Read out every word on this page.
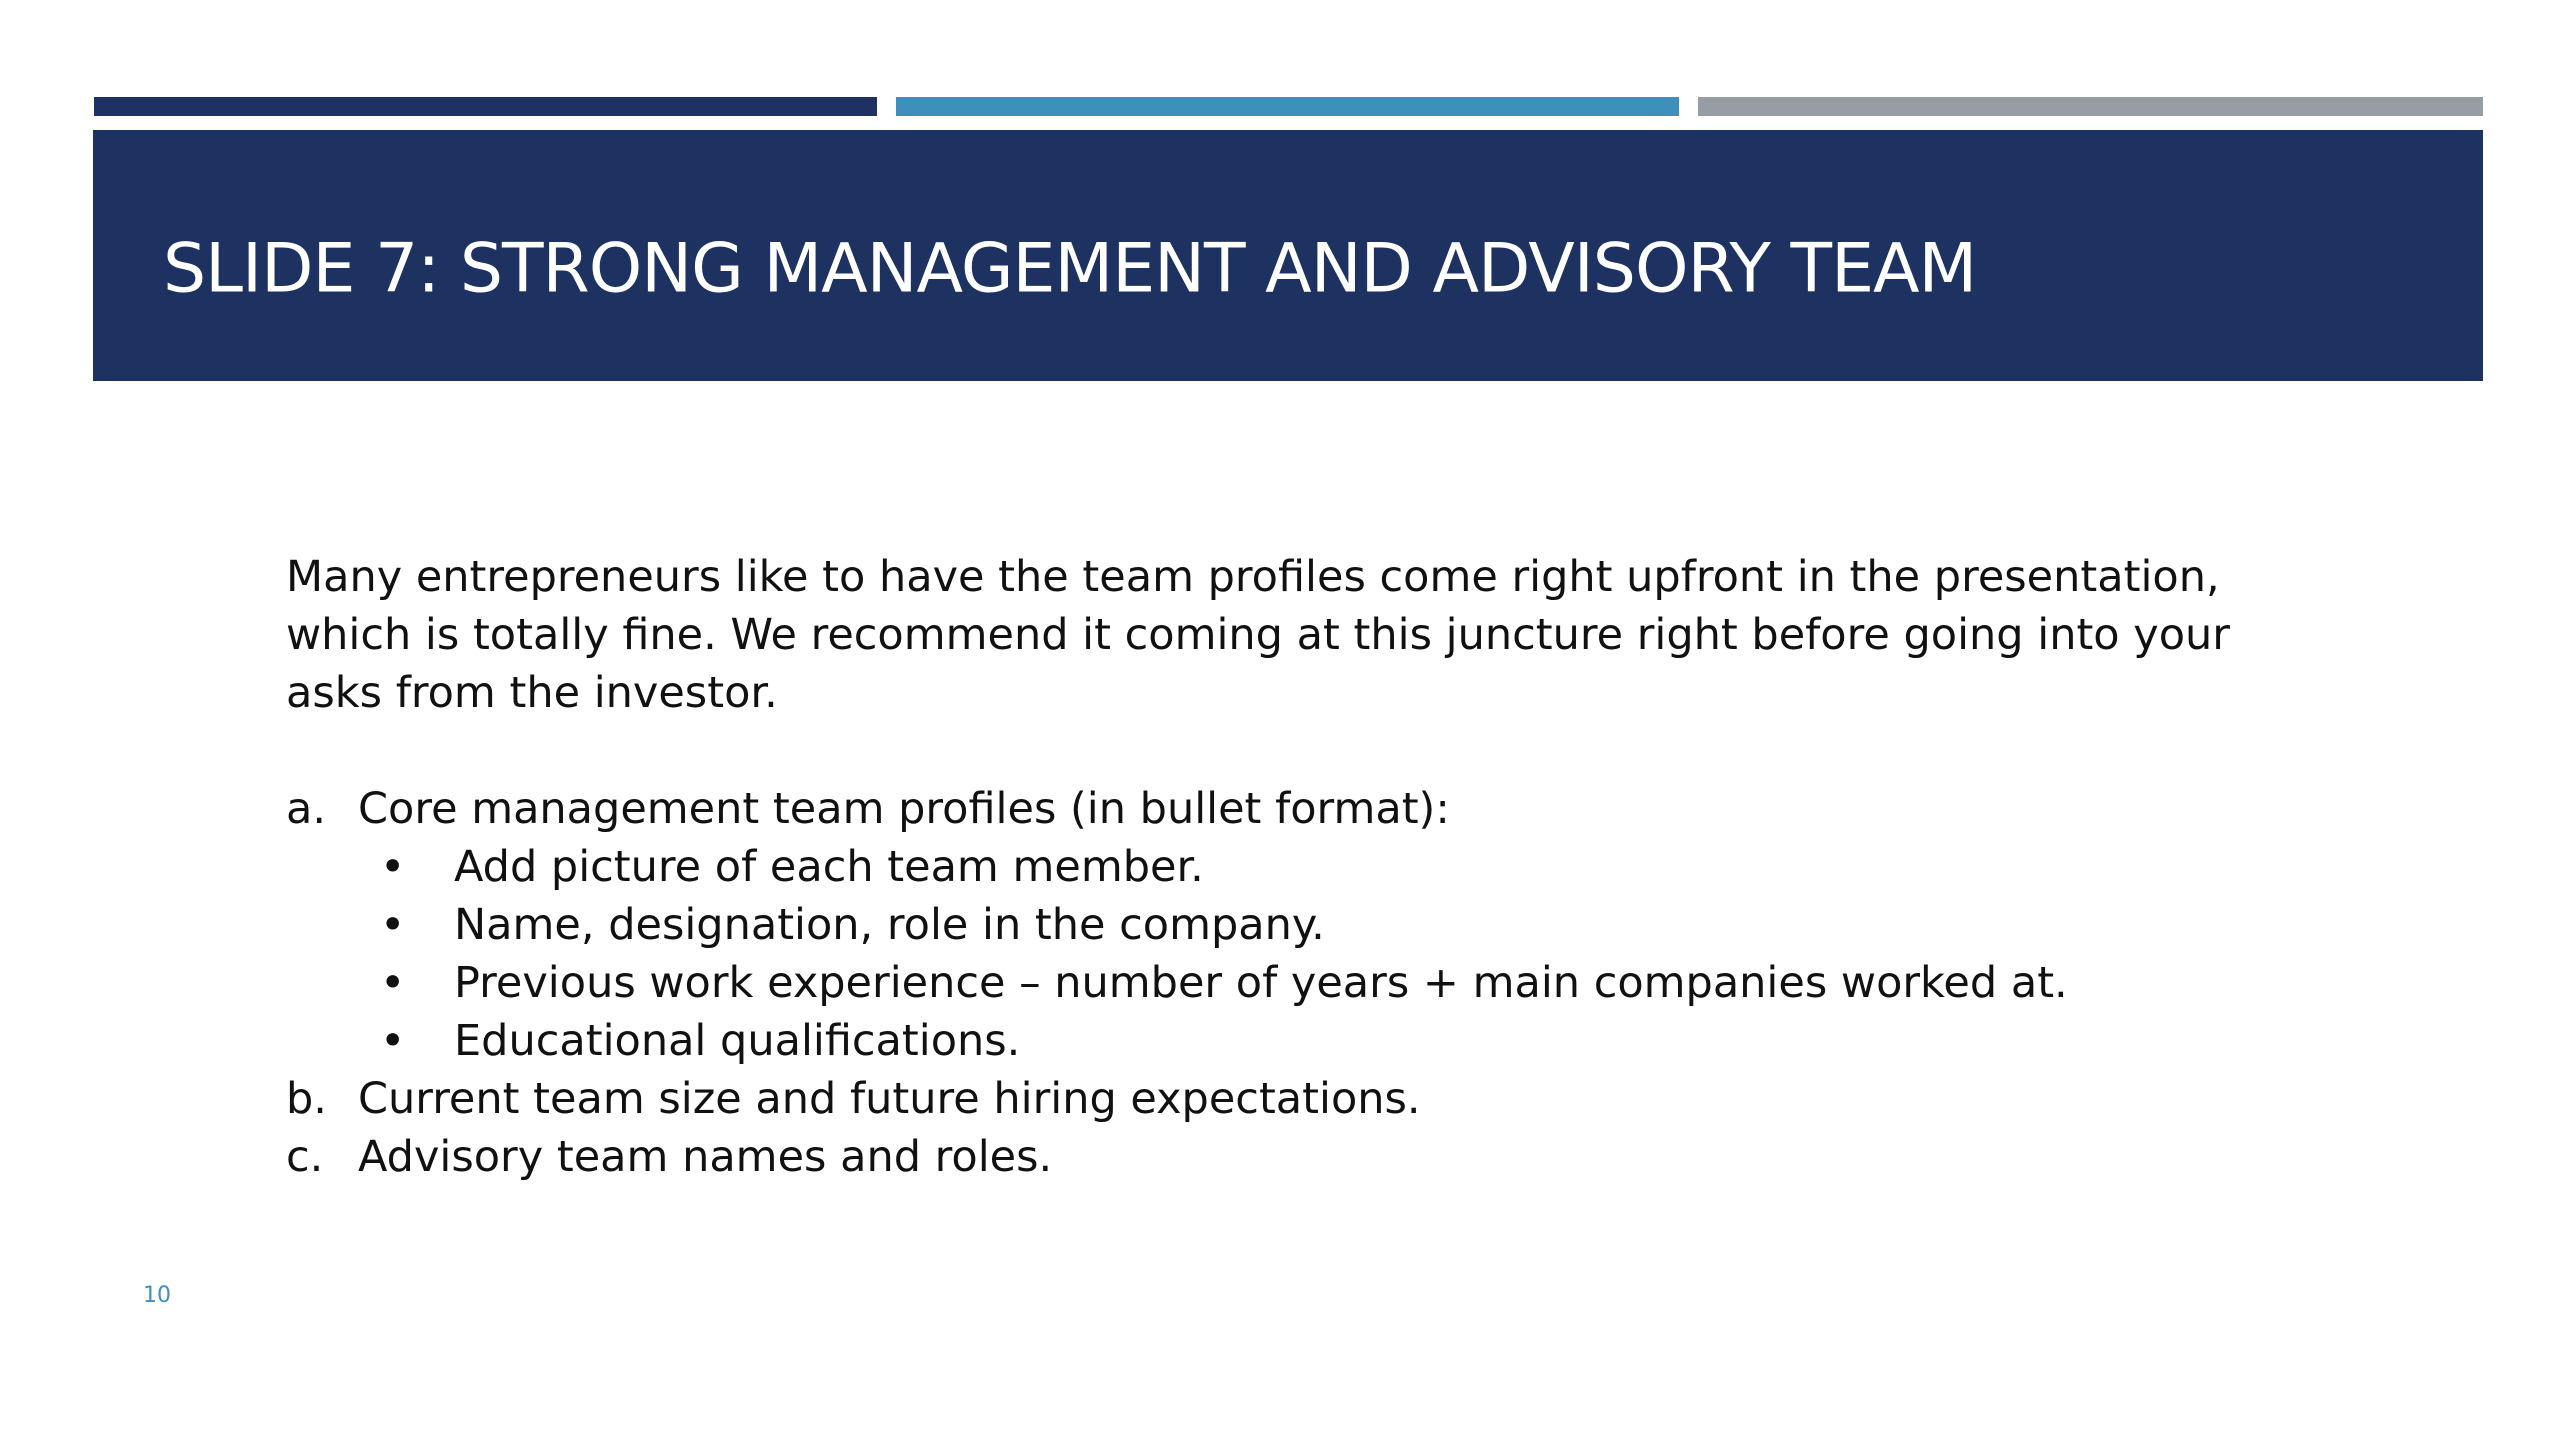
SLIDE 7: STRONG MANAGEMENT AND ADVISORY TEAM

Many entrepreneurs like to have the team profiles come right upfront in the presentation, which is totally fine. We recommend it coming at this juncture right before going into your asks from the investor.

a. Core management team profiles (in bullet format):
• Add picture of each team member.
• Name, designation, role in the company.
• Previous work experience – number of years + main companies worked at.
• Educational qualifications.
b. Current team size and future hiring expectations.
c. Advisory team names and roles.
10
